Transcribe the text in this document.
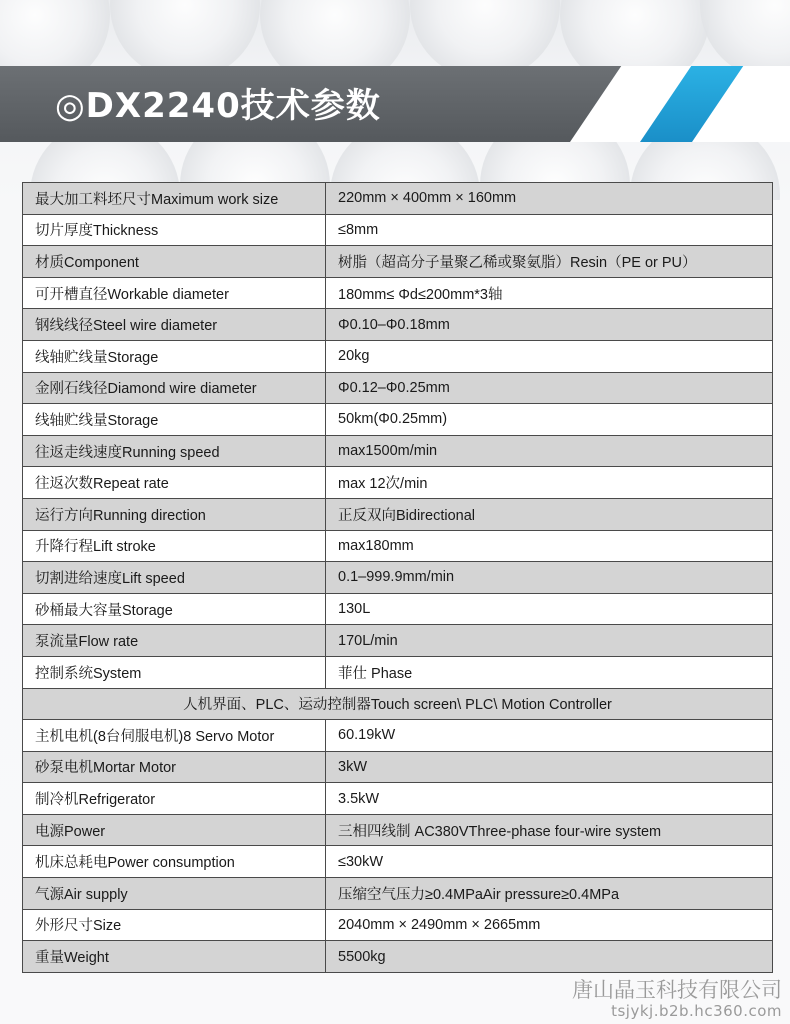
◎DX2240技术参数
最大加工料坯尺寸Maximum work size	220mm × 400mm × 160mm
切片厚度Thickness	≤8mm
材质Component	树脂（超高分子量聚乙稀或聚氨脂）Resin（PE or PU）
可开槽直径Workable diameter	180mm≤ Φd≤200mm*3轴
钢线线径Steel wire diameter	Φ0.10–Φ0.18mm
线轴贮线量Storage	20kg
金刚石线径Diamond wire diameter	Φ0.12–Φ0.25mm
线轴贮线量Storage	50km(Φ0.25mm)
往返走线速度Running speed	max1500m/min
往返次数Repeat rate	max 12次/min
运行方向Running direction	正反双向Bidirectional
升降行程Lift stroke	max180mm
切割进给速度Lift speed	0.1–999.9mm/min
砂桶最大容量Storage	130L
泵流量Flow rate	170L/min
控制系统System	菲仕 Phase
人机界面、PLC、运动控制器Touch screen\ PLC\ Motion Controller	
主机电机(8台伺服电机)8 Servo Motor	60.19kW
砂泵电机Mortar Motor	3kW
制冷机Refrigerator	3.5kW
电源Power	三相四线制 AC380VThree-phase four-wire system
机床总耗电Power consumption	≤30kW
气源Air supply	压缩空气压力≥0.4MPaAir pressure≥0.4MPa
外形尺寸Size	2040mm × 2490mm × 2665mm
重量Weight	5500kg
唐山晶玉科技有限公司
tsjykj.b2b.hc360.com
